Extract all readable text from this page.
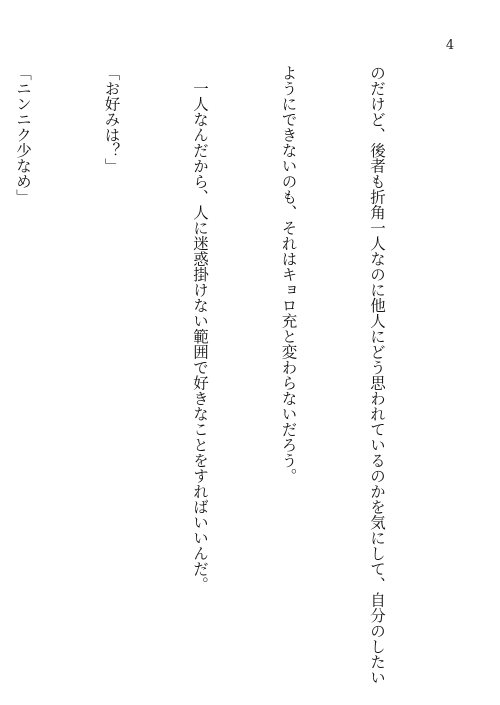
4

のだけど、後者も折角一人なのに他人にどう思われているのかを気にして、自分のしたい

ようにできないのも、それはキョロ充と変わらないだろう。

　一人なんだから、人に迷惑掛けない範囲で好きなことをすればいいんだ。

「お好みは？」

「ニンニク少なめ」
